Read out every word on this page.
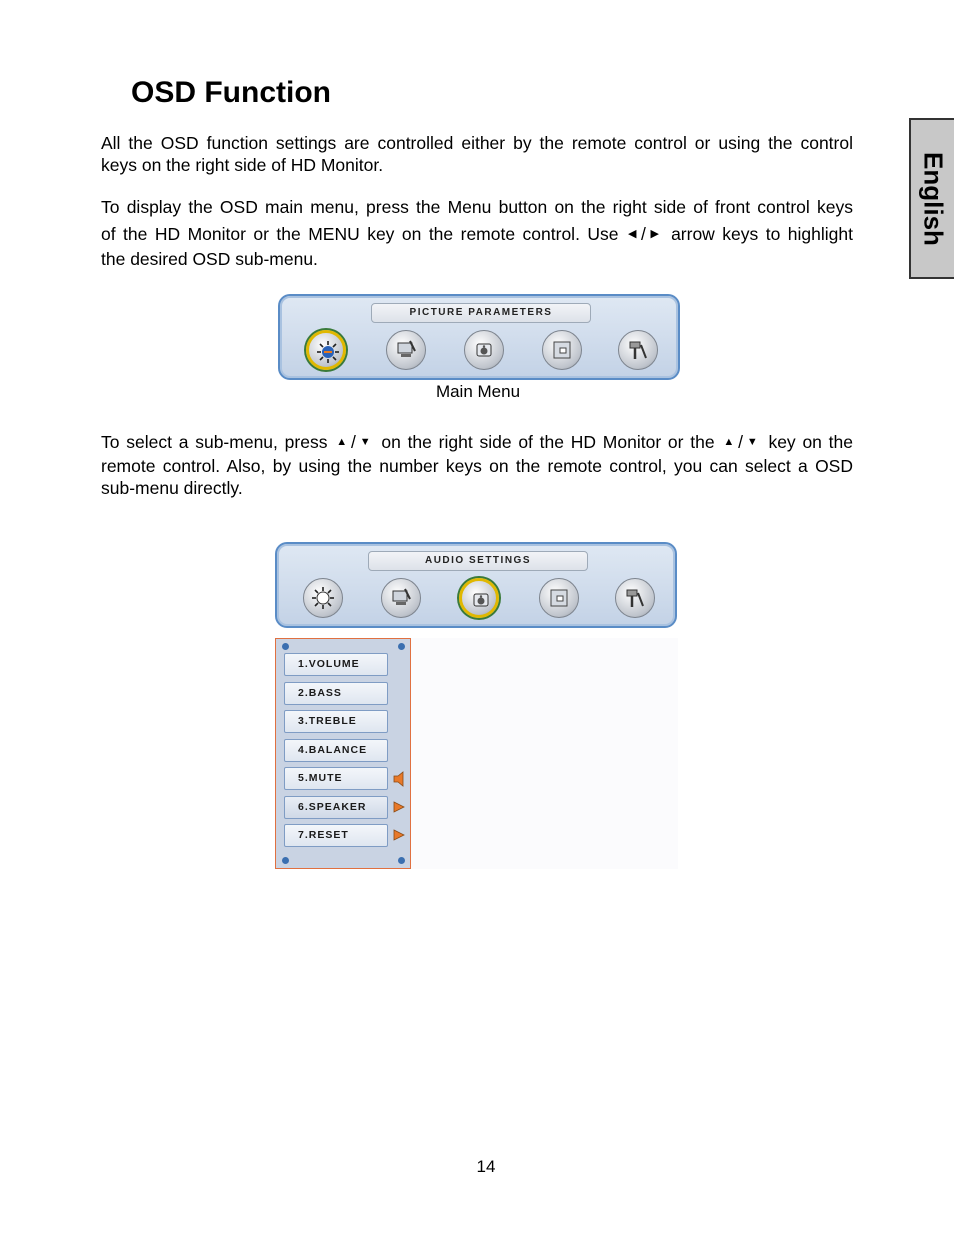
OSD Function
English

All the OSD function settings are controlled either by the remote control or using the control
keys on the right side of HD Monitor.

To display the OSD main menu, press the Menu button on the right side of front control keys
of the HD Monitor or the MENU key on the remote control. Use ◀ / ▶ arrow keys to highlight
the desired OSD sub-menu.

PICTURE PARAMETERS
Main Menu

To select a sub-menu, press ▲ / ▼ on the right side of the HD Monitor or the ▲ / ▼ key on the
remote control. Also, by using the number keys on the remote control, you can select a OSD
sub-menu directly.

AUDIO SETTINGS
1.VOLUME
2.BASS
3.TREBLE
4.BALANCE
5.MUTE
6.SPEAKER
7.RESET
14
